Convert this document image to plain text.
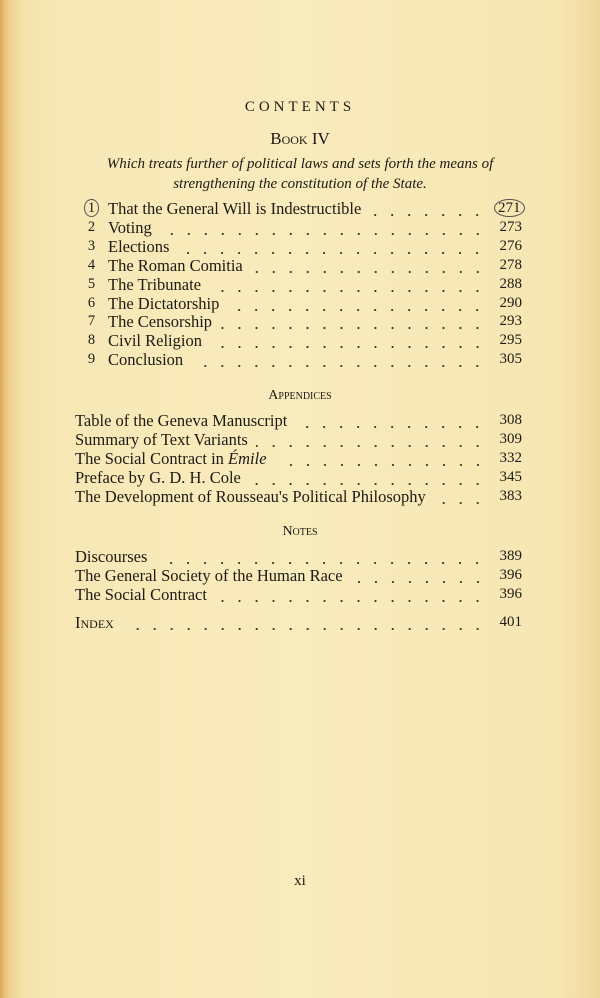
CONTENTS
Book IV
Which treats further of political laws and sets forth the means of
strengthening the constitution of the State.
1 That the General Will is Indestructible	271
2 Voting	273
3 Elections	276
4 The Roman Comitia	278
5 The Tribunate	288
6 The Dictatorship	290
7 The Censorship	293
8 Civil Religion	295
9 Conclusion	305
Appendices
Table of the Geneva Manuscript	308
Summary of Text Variants	309
The Social Contract in Émile	332
Preface by G. D. H. Cole	345
The Development of Rousseau's Political Philosophy	383
Notes
Discourses	389
The General Society of the Human Race	396
The Social Contract	396
Index	401
xi
